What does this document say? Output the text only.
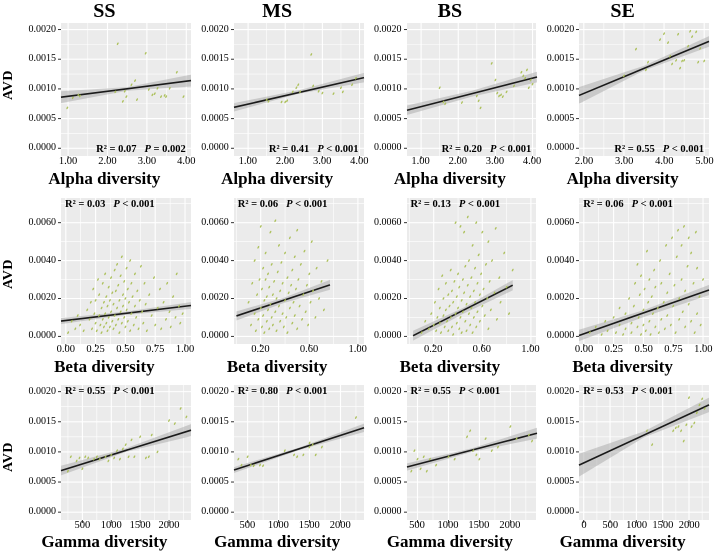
AVD
SS
0.0000
0.0005
0.0010
0.0015
0.0020
R² = 0.07 P = 0.002
1.00 2.00 3.00 4.00
Alpha diversity
MS
0.0000
0.0005
0.0010
0.0015
0.0020
R² = 0.41 P < 0.001
1.00 2.00 3.00 4.00
Alpha diversity
BS
0.0000
0.0005
0.0010
0.0015
0.0020
R² = 0.20 P < 0.001
1.00 2.00 3.00 4.00
Alpha diversity
SE
0.0000
0.0005
0.0010
0.0015
0.0020
R² = 0.55 P < 0.001
2.00 3.00 4.00 5.00
Alpha diversity
AVD
0.0000
0.0020
0.0040
0.0060
R² = 0.03 P < 0.001
0.00 0.25 0.50 0.75 1.00
Beta diversity
0.0000
0.0020
0.0040
0.0060
R² = 0.06 P < 0.001
0.20	0.60	1.00
Beta diversity
0.0000
0.0020
0.0040
0.0060
R² = 0.13 P < 0.001
0.20	0.60	1.00
Beta diversity
0.0000
0.0020
0.0040
0.0060
R² = 0.06 P < 0.001
0.00 0.25 0.50 0.75 1.00
Beta diversity
AVD
0.0000
0.0005
0.0010
0.0015
0.0020 R² = 0.55 P < 0.001
500 1000 1500 2000
Gamma diversity
0.0000
0.0005
0.0010
0.0015
0.0020 R² = 0.80 P < 0.001
500 1000 1500 2000
Gamma diversity
0.0000
0.0005
0.0010
0.0015
0.0020 R² = 0.55 P < 0.001
500 1000 1500 2000
Gamma diversity
0.0000
0.0005
0.0010
0.0015
0.0020 R² = 0.53 P < 0.001
0 500 1000 1500 2000
Gamma diversity
